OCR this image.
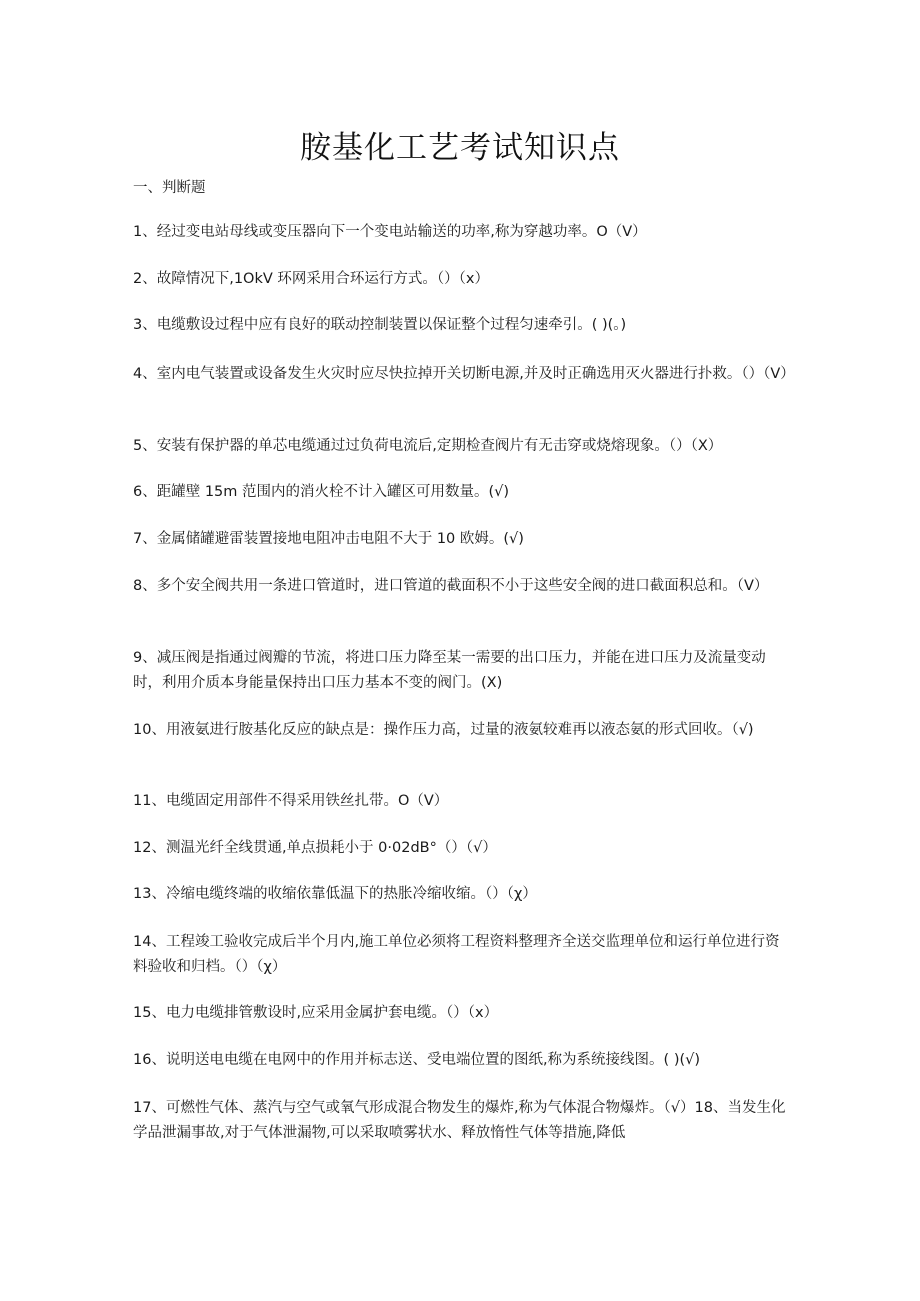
胺基化工艺考试知识点

一、判断题

1、经过变电站母线或变压器向下一个变电站输送的功率,称为穿越功率。O（V）

2、故障情况下,1OkV 环网采用合环运行方式。（）（x）

3、电缆敷设过程中应有良好的联动控制装置以保证整个过程匀速牵引。( )(。)

4、室内电气装置或设备发生火灾时应尽快拉掉开关切断电源,并及时正确选用灭火器进行扑救。（）（V）

5、安装有保护器的单芯电缆通过过负荷电流后,定期检查阀片有无击穿或烧熔现象。（）（X）

6、距罐壁 15m 范围内的消火栓不计入罐区可用数量。(√)

7、金属储罐避雷装置接地电阻冲击电阻不大于 10 欧姆。(√)

8、多个安全阀共用一条进口管道时，进口管道的截面积不小于这些安全阀的进口截面积总和。（V）

9、减压阀是指通过阀瓣的节流，将进口压力降至某一需要的出口压力，并能在进口压力及流量变动时，利用介质本身能量保持出口压力基本不变的阀门。(X)

10、用液氨进行胺基化反应的缺点是：操作压力高，过量的液氨较难再以液态氨的形式回收。（√)

11、电缆固定用部件不得采用铁丝扎带。O（V）

12、测温光纤全线贯通,单点损耗小于 0·02dB°（）（√）

13、冷缩电缆终端的收缩依靠低温下的热胀冷缩收缩。（）（χ）

14、工程竣工验收完成后半个月内,施工单位必须将工程资料整理齐全送交监理单位和运行单位进行资料验收和归档。（）（χ）

15、电力电缆排管敷设时,应采用金属护套电缆。（）（x）

16、说明送电电缆在电网中的作用并标志送、受电端位置的图纸,称为系统接线图。( )(√)

17、可燃性气体、蒸汽与空气或氧气形成混合物发生的爆炸,称为气体混合物爆炸。（√）18、当发生化学品泄漏事故,对于气体泄漏物,可以采取喷雾状水、释放惰性气体等措施,降低
